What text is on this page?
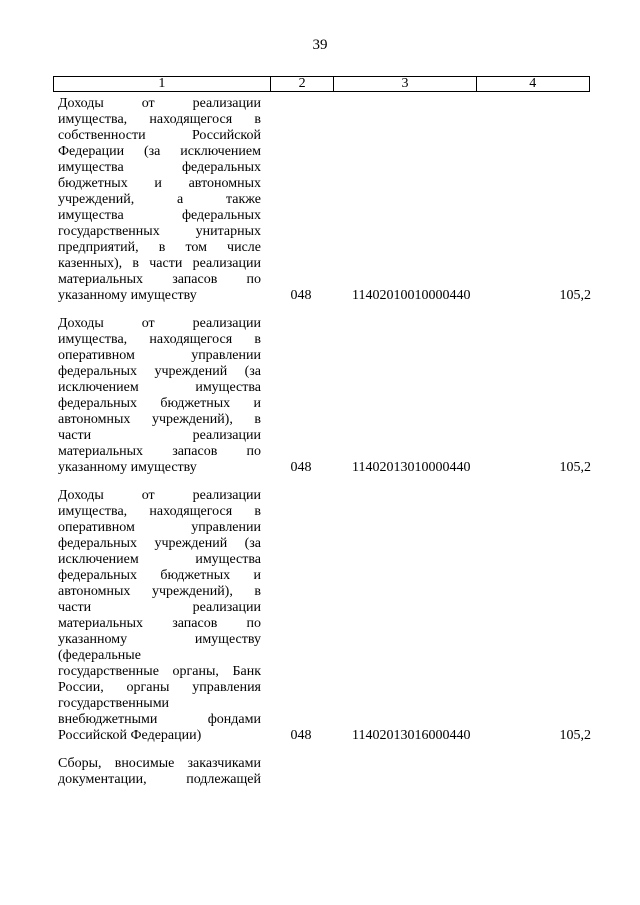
39
1	2	3	4
Доходы от реализации
имущества, находящегося в
собственности Российской
Федерации (за исключением
имущества федеральных
бюджетных и автономных
учреждений, а также
имущества федеральных
государственных унитарных
предприятий, в том числе
казенных), в части реализации
материальных запасов по
указанному имуществу	048	11402010010000440	105,2
Доходы от реализации
имущества, находящегося в
оперативном управлении
федеральных учреждений (за
исключением имущества
федеральных бюджетных и
автономных учреждений), в
части реализации
материальных запасов по
указанному имуществу	048	11402013010000440	105,2
Доходы от реализации
имущества, находящегося в
оперативном управлении
федеральных учреждений (за
исключением имущества
федеральных бюджетных и
автономных учреждений), в
части реализации
материальных запасов по
указанному имуществу
(федеральные
государственные органы, Банк
России, органы управления
государственными
внебюджетными фондами
Российской Федерации)	048	11402013016000440	105,2
Сборы, вносимые заказчиками
документации, подлежащей
